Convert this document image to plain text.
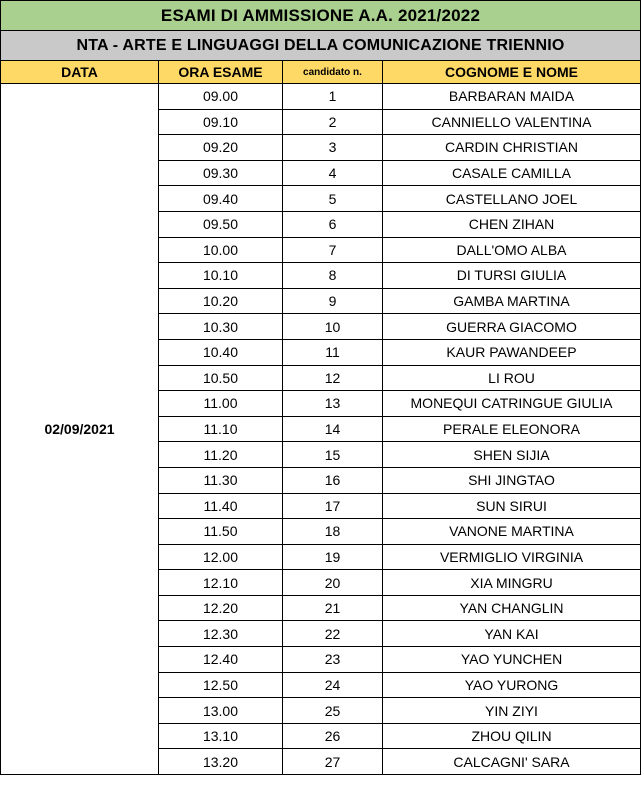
ESAMI DI AMMISSIONE A.A. 2021/2022			
NTA - ARTE E LINGUAGGI DELLA COMUNICAZIONE TRIENNIO			
DATA	ORA ESAME	candidato n.	COGNOME E NOME
02/09/2021	09.00	1	BARBARAN MAIDA
	09.10	2	CANNIELLO VALENTINA
	09.20	3	CARDIN CHRISTIAN
	09.30	4	CASALE CAMILLA
	09.40	5	CASTELLANO JOEL
	09.50	6	CHEN ZIHAN
	10.00	7	DALL'OMO ALBA
	10.10	8	DI TURSI GIULIA
	10.20	9	GAMBA MARTINA
	10.30	10	GUERRA GIACOMO
	10.40	11	KAUR PAWANDEEP
	10.50	12	LI ROU
	11.00	13	MONEQUI CATRINGUE GIULIA
	11.10	14	PERALE ELEONORA
	11.20	15	SHEN SIJIA
	11.30	16	SHI JINGTAO
	11.40	17	SUN SIRUI
	11.50	18	VANONE MARTINA
	12.00	19	VERMIGLIO VIRGINIA
	12.10	20	XIA MINGRU
	12.20	21	YAN CHANGLIN
	12.30	22	YAN KAI
	12.40	23	YAO YUNCHEN
	12.50	24	YAO YURONG
	13.00	25	YIN ZIYI
	13.10	26	ZHOU QILIN
	13.20	27	CALCAGNI' SARA
